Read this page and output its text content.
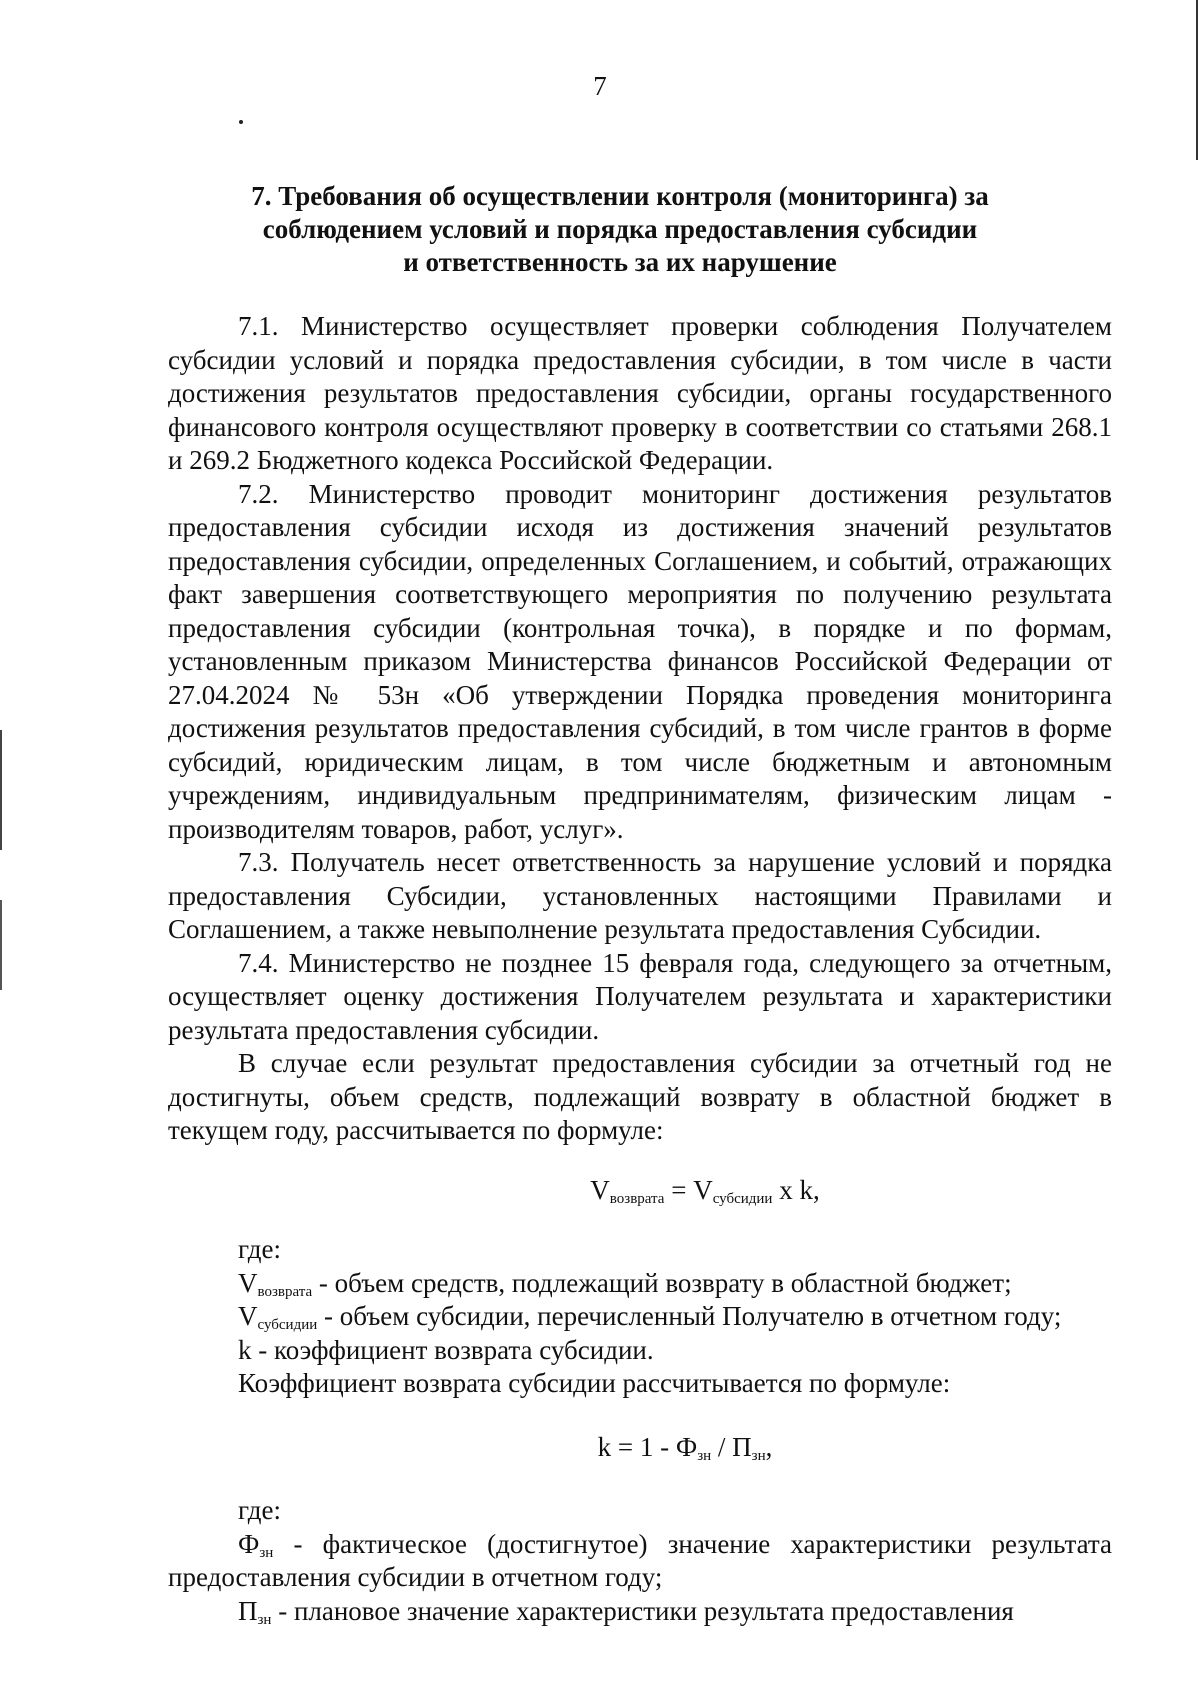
7
7. Требования об осуществлении контроля (мониторинга) за
соблюдением условий и порядка предоставления субсидии
и ответственность за их нарушение

7.1. Министерство осуществляет проверки соблюдения Получателем субсидии условий и порядка предоставления субсидии, в том числе в части достижения результатов предоставления субсидии, органы государственного финансового контроля осуществляют проверку в соответствии со статьями 268.1 и 269.2 Бюджетного кодекса Российской Федерации.

7.2. Министерство проводит мониторинг достижения результатов предоставления субсидии исходя из достижения значений результатов предоставления субсидии, определенных Соглашением, и событий, отражающих факт завершения соответствующего мероприятия по получению результата предоставления субсидии (контрольная точка), в порядке и по формам, установленным приказом Министерства финансов Российской Федерации от 27.04.2024 № 53н «Об утверждении Порядка проведения мониторинга достижения результатов предоставления субсидий, в том числе грантов в форме субсидий, юридическим лицам, в том числе бюджетным и автономным учреждениям, индивидуальным предпринимателям, физическим лицам - производителям товаров, работ, услуг».

7.3. Получатель несет ответственность за нарушение условий и порядка предоставления Субсидии, установленных настоящими Правилами и Соглашением, а также невыполнение результата предоставления Субсидии.

7.4. Министерство не позднее 15 февраля года, следующего за отчетным, осуществляет оценку достижения Получателем результата и характеристики результата предоставления субсидии.

В случае если результат предоставления субсидии за отчетный год не достигнуты, объем средств, подлежащий возврату в областной бюджет в текущем году, рассчитывается по формуле:

$V_{возврата} = V_{субсидии}$ x k,

где:

$V_{возврата}$ - объем средств, подлежащий возврату в областной бюджет;

$V_{субсидии}$ - объем субсидии, перечисленный Получателю в отчетном году;

k - коэффициент возврата субсидии.

Коэффициент возврата субсидии рассчитывается по формуле:

$k = 1 - Ф_{зн} / П_{зн}$,

где:

$Ф_{зн}$ - фактическое (достигнутое) значение характеристики результата предоставления субсидии в отчетном году;

$П_{зн}$ - плановое значение характеристики результата предоставления
